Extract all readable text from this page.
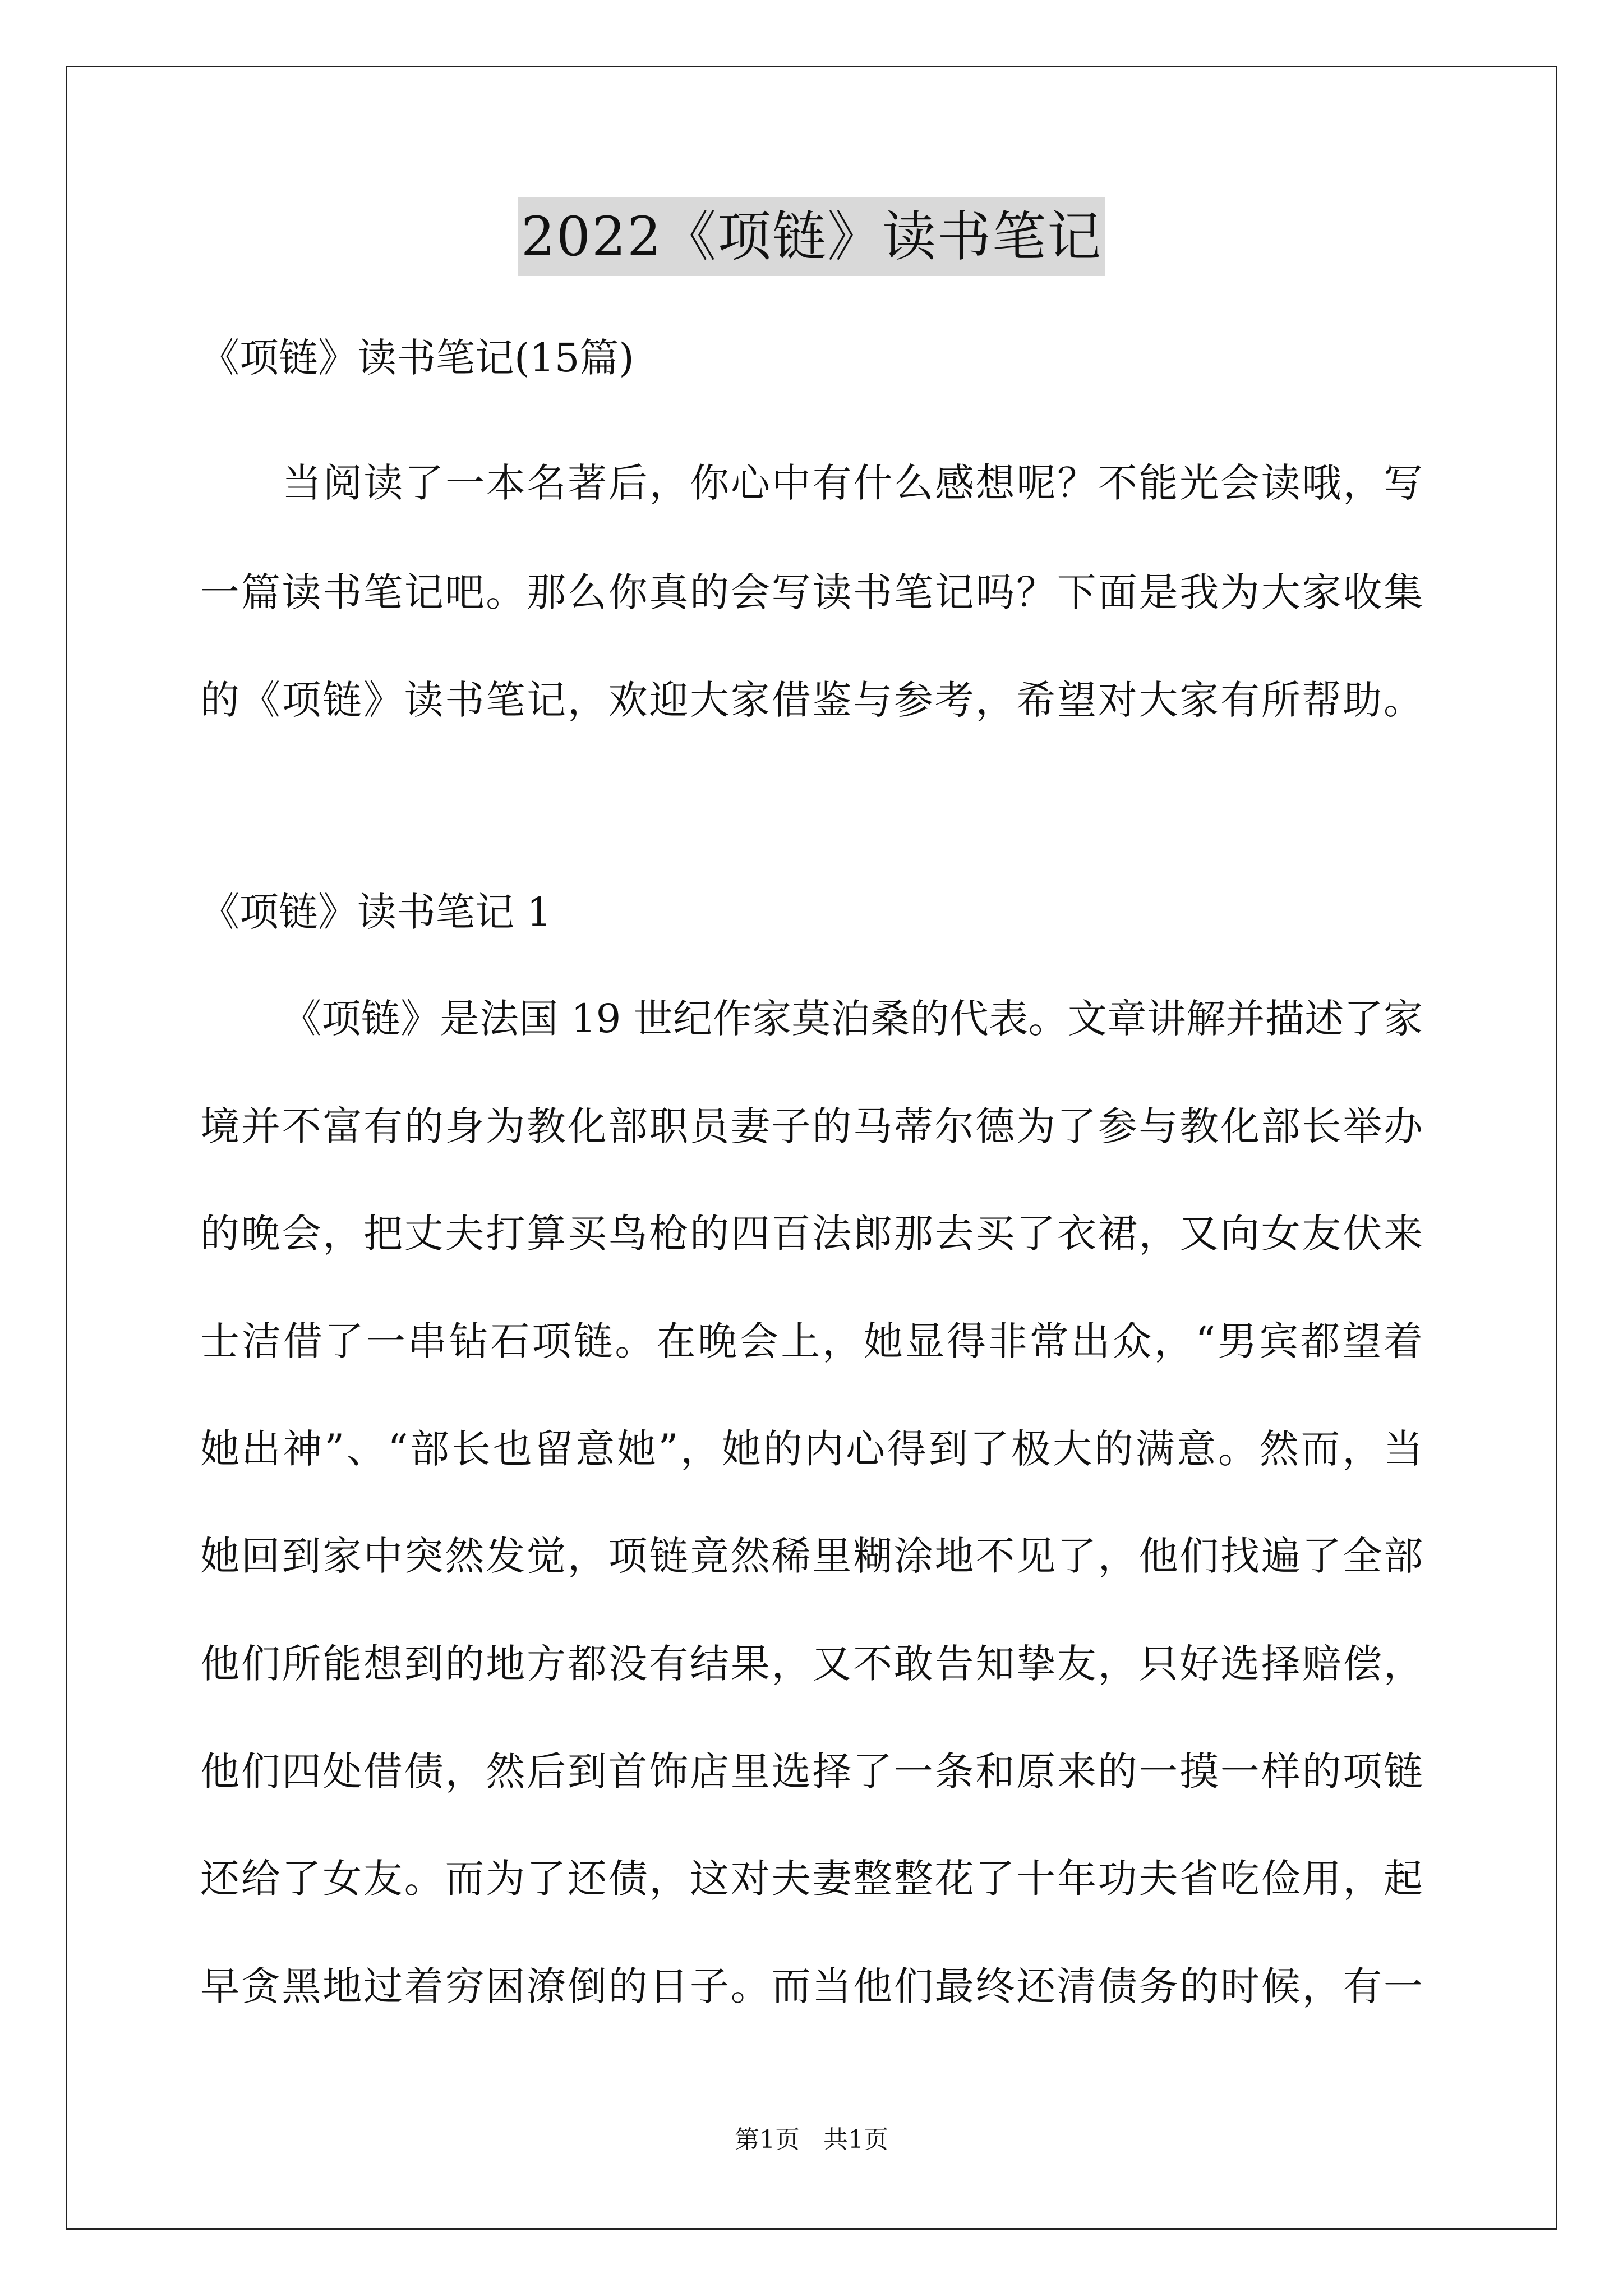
2022《项链》读书笔记
《项链》读书笔记(15篇)
当阅读了一本名著后，你心中有什么感想呢？不能光会读哦，写
一篇读书笔记吧。那么你真的会写读书笔记吗？下面是我为大家收集
的《项链》读书笔记，欢迎大家借鉴与参考，希望对大家有所帮助。
《项链》读书笔记 1
《项链》是法国 19 世纪作家莫泊桑的代表。文章讲解并描述了家
境并不富有的身为教化部职员妻子的马蒂尔德为了参与教化部长举办
的晚会，把丈夫打算买鸟枪的四百法郎那去买了衣裙，又向女友伏来
士洁借了一串钻石项链。在晚会上，她显得非常出众，“男宾都望着
她出神”、“部长也留意她”，她的内心得到了极大的满意。然而，当
她回到家中突然发觉，项链竟然稀里糊涂地不见了，他们找遍了全部
他们所能想到的地方都没有结果，又不敢告知挚友，只好选择赔偿，
他们四处借债，然后到首饰店里选择了一条和原来的一摸一样的项链
还给了女友。而为了还债，这对夫妻整整花了十年功夫省吃俭用，起
早贪黑地过着穷困潦倒的日子。而当他们最终还清债务的时候，有一
第1页 共1页
